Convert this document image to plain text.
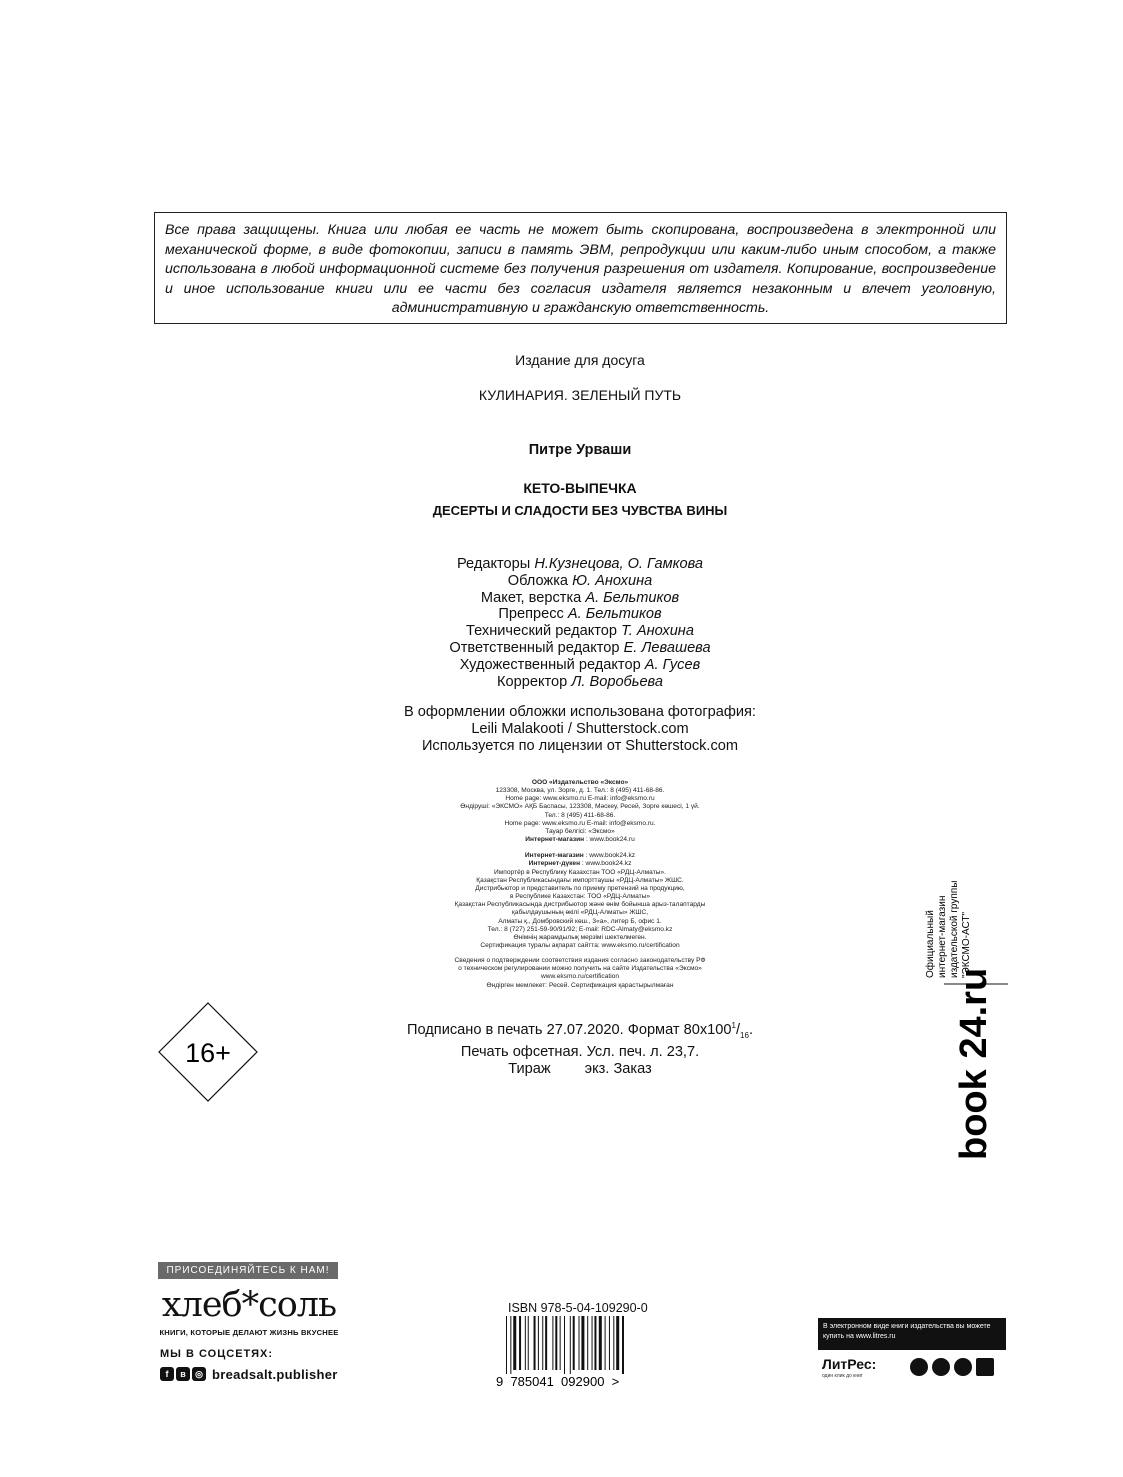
Все права защищены. Книга или любая ее часть не может быть скопирована, воспроизведена в электронной или механической форме, в виде фотокопии, записи в память ЭВМ, репродукции или каким-либо иным способом, а также использована в любой информационной системе без получения разрешения от издателя. Копирование, воспроизведение и иное использование книги или ее части без согласия издателя является незаконным и влечет уголовную, административную и гражданскую ответственность.
Издание для досуга
КУЛИНАРИЯ. ЗЕЛЕНЫЙ ПУТЬ
Питре Урваши
КЕТО-ВЫПЕЧКА
ДЕСЕРТЫ И СЛАДОСТИ БЕЗ ЧУВСТВА ВИНЫ
Редакторы Н.Кузнецова, О. Гамкова
Обложка Ю. Анохина
Макет, верстка А. Бельтиков
Препресс А. Бельтиков
Технический редактор Т. Анохина
Ответственный редактор Е. Левашева
Художественный редактор А. Гусев
Корректор Л. Воробьева
В оформлении обложки использована фотография:
Leili Malakooti / Shutterstock.com
Используется по лицензии от Shutterstock.com
ООО «Издательство «Эксмо»
123308, Москва, ул. Зорге, д. 1. Тел.: 8 (495) 411-68-86.
Home page: www.eksmo.ru E-mail: info@eksmo.ru
Өндіруші: «ЭКСМО» АҚБ Баспасы, 123308, Мәскеу, Ресей, Зорге көшесі, 1 үй.
Тел.: 8 (495) 411-68-86.
Home page: www.eksmo.ru E-mail: info@eksmo.ru.
Тауар белгісі: «Эксмо»
Интернет-магазин : www.book24.ru
Интернет-магазин : www.book24.kz
Интернет-дүкен : www.book24.kz
Импортёр в Республику Казахстан ТОО «РДЦ-Алматы».
Қазақстан Республикасындағы импорттаушы «РДЦ-Алматы» ЖШС.
Дистрибьютор и представитель по приему претензий на продукцию,
в Республике Казахстан: ТОО «РДЦ-Алматы»
Қазақстан Республикасында дистрибьютор және өнім бойынша арыз-талаптарды
қабылдаушының өкілі «РДЦ-Алматы» ЖШС,
Алматы қ., Домбровский көш., 3«а», литер Б, офис 1.
Тел.: 8 (727) 251-59-90/91/92; E-mail: RDC-Almaty@eksmo.kz
Өнімнің жарамдылық мерзімі шектелмеген.
Сертификация туралы ақпарат сайтта: www.eksmo.ru/certification
Сведения о подтверждении соответствия издания согласно законодательству РФ
о техническом регулировании можно получить на сайте Издательства «Эксмо»
www.eksmo.ru/certification
Өндірген мемлекет: Ресей. Сертификация қарастырылмаған
16+
Подписано в печать 27.07.2020. Формат $80x100^1/_{16}$.
Печать офсетная. Усл. печ. л. 23,7.
Тираж экз. Заказ
Официальный интернет-магазин издательской группы "ЭКСМО-АСТ"
book 24.ru
ПРИСОЕДИНЯЙТЕСЬ К НАМ!
хлеб*соль
КНИГИ, КОТОРЫЕ ДЕЛАЮТ ЖИЗНЬ ВКУСНЕЕ
МЫ В СОЦСЕТЯХ:
f	в	◎ breadsalt.publisher
ISBN 978-5-04-109290-0
9  785041  092900  >
В электронном виде книги издательства вы можете
купить на www.litres.ru
ЛитРес:
один клик до книг
